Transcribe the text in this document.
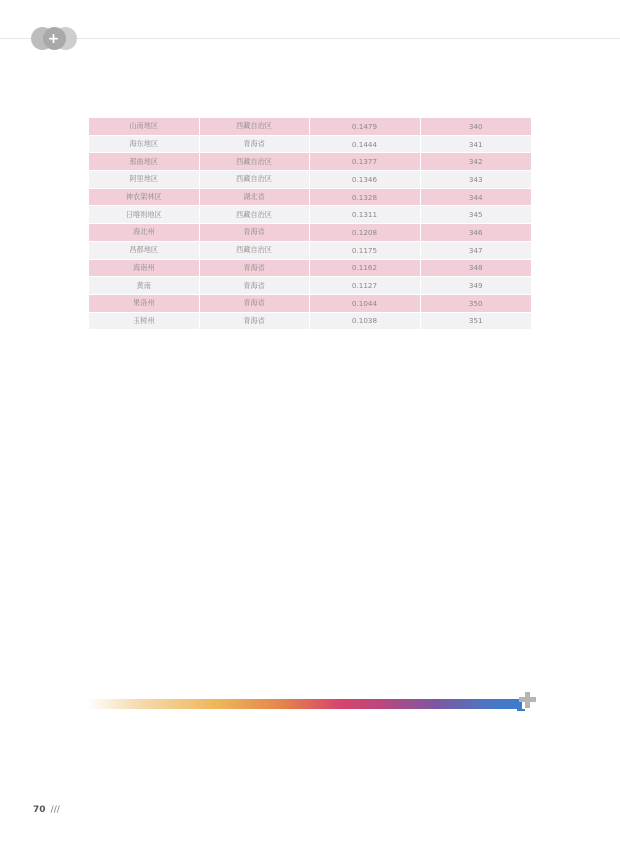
+
山南地区	西藏自治区	0.1479	340
海东地区	青海省	0.1444	341
那曲地区	西藏自治区	0.1377	342
阿里地区	西藏自治区	0.1346	343
神农架林区	湖北省	0.1328	344
日喀则地区	西藏自治区	0.1311	345
海北州	青海省	0.1208	346
昌都地区	西藏自治区	0.1175	347
海南州	青海省	0.1162	348
黄南	青海省	0.1127	349
果洛州	青海省	0.1044	350
玉树州	青海省	0.1038	351
70 ///
